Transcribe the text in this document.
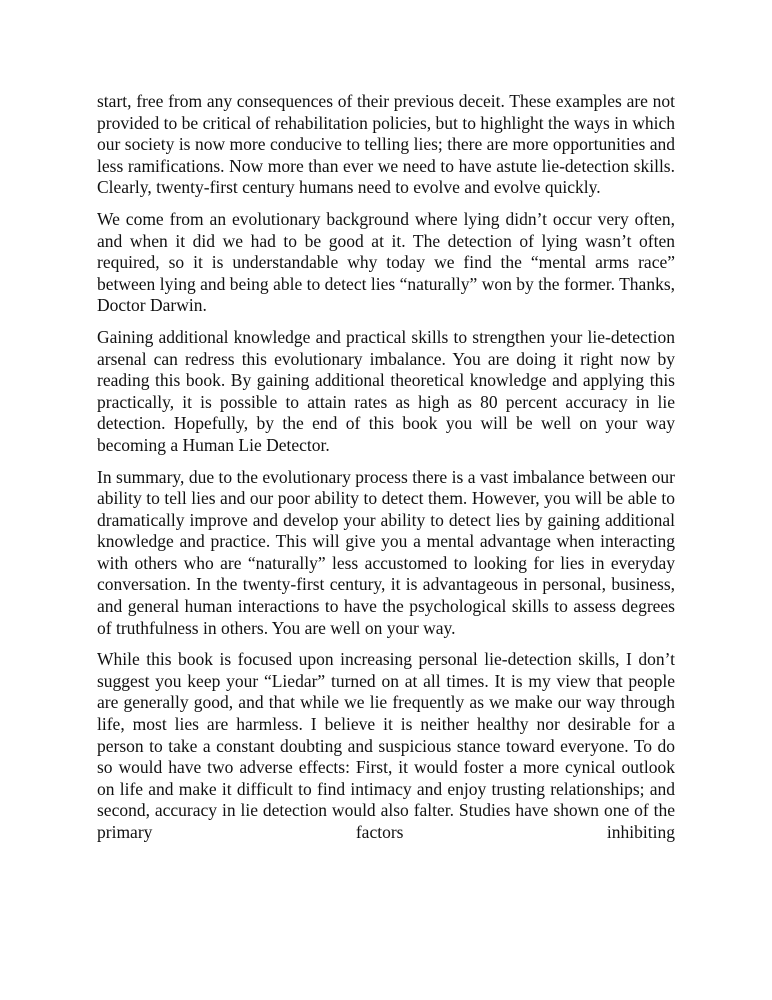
start, free from any consequences of their previous deceit. These examples are not provided to be critical of rehabilitation policies, but to highlight the ways in which our society is now more conducive to telling lies; there are more opportunities and less ramifications. Now more than ever we need to have astute lie-detection skills. Clearly, twenty-first century humans need to evolve and evolve quickly.

We come from an evolutionary background where lying didn’t occur very often, and when it did we had to be good at it. The detection of lying wasn’t often required, so it is understandable why today we find the “mental arms race” between lying and being able to detect lies “naturally” won by the former. Thanks, Doctor Darwin.

Gaining additional knowledge and practical skills to strengthen your lie-detection arsenal can redress this evolutionary imbalance. You are doing it right now by reading this book. By gaining additional theoretical knowledge and applying this practically, it is possible to attain rates as high as 80 percent accuracy in lie detection. Hopefully, by the end of this book you will be well on your way becoming a Human Lie Detector.

In summary, due to the evolutionary process there is a vast imbalance between our ability to tell lies and our poor ability to detect them. However, you will be able to dramatically improve and develop your ability to detect lies by gaining additional knowledge and practice. This will give you a mental advantage when interacting with others who are “naturally” less accustomed to looking for lies in everyday conversation. In the twenty-first century, it is advantageous in personal, business, and general human interactions to have the psychological skills to assess degrees of truthfulness in others. You are well on your way.

While this book is focused upon increasing personal lie-detection skills, I don’t suggest you keep your “Liedar” turned on at all times. It is my view that people are generally good, and that while we lie frequently as we make our way through life, most lies are harmless. I believe it is neither healthy nor desirable for a person to take a constant doubting and suspicious stance toward everyone. To do so would have two adverse effects: First, it would foster a more cynical outlook on life and make it difficult to find intimacy and enjoy trusting relationships; and second, accuracy in lie detection would also falter. Studies have shown one of the primary factors inhibiting
